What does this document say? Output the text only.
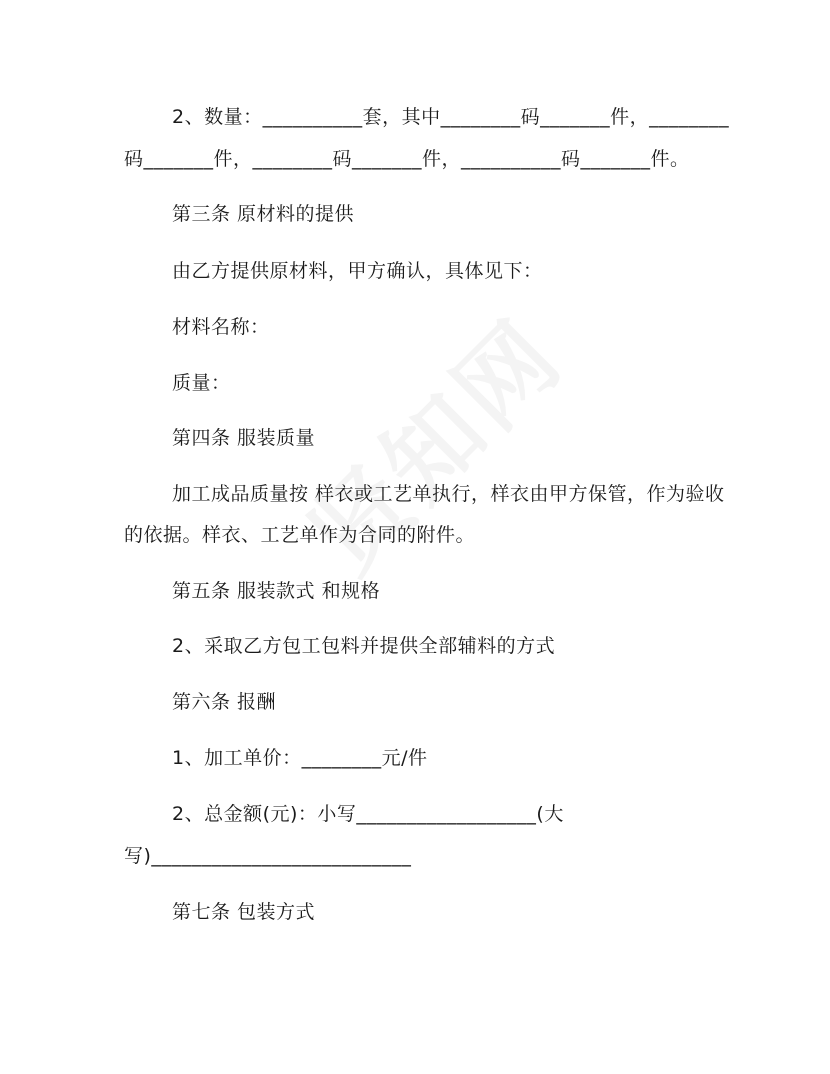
2、数量：__________套，其中________码_______件，________
码_______件，________码_______件，__________码_______件。
第三条 原材料的提供
由乙方提供原材料，甲方确认，具体见下：
材料名称：
质量：
第四条 服装质量
加工成品质量按 样衣或工艺单执行，样衣由甲方保管，作为验收
的依据。样衣、工艺单作为合同的附件。
第五条 服装款式 和规格
2、采取乙方包工包料并提供全部辅料的方式
第六条 报酬
1、加工单价：________元/件
2、总金额(元)：小写__________________(大
写)__________________________
第七条 包装方式
